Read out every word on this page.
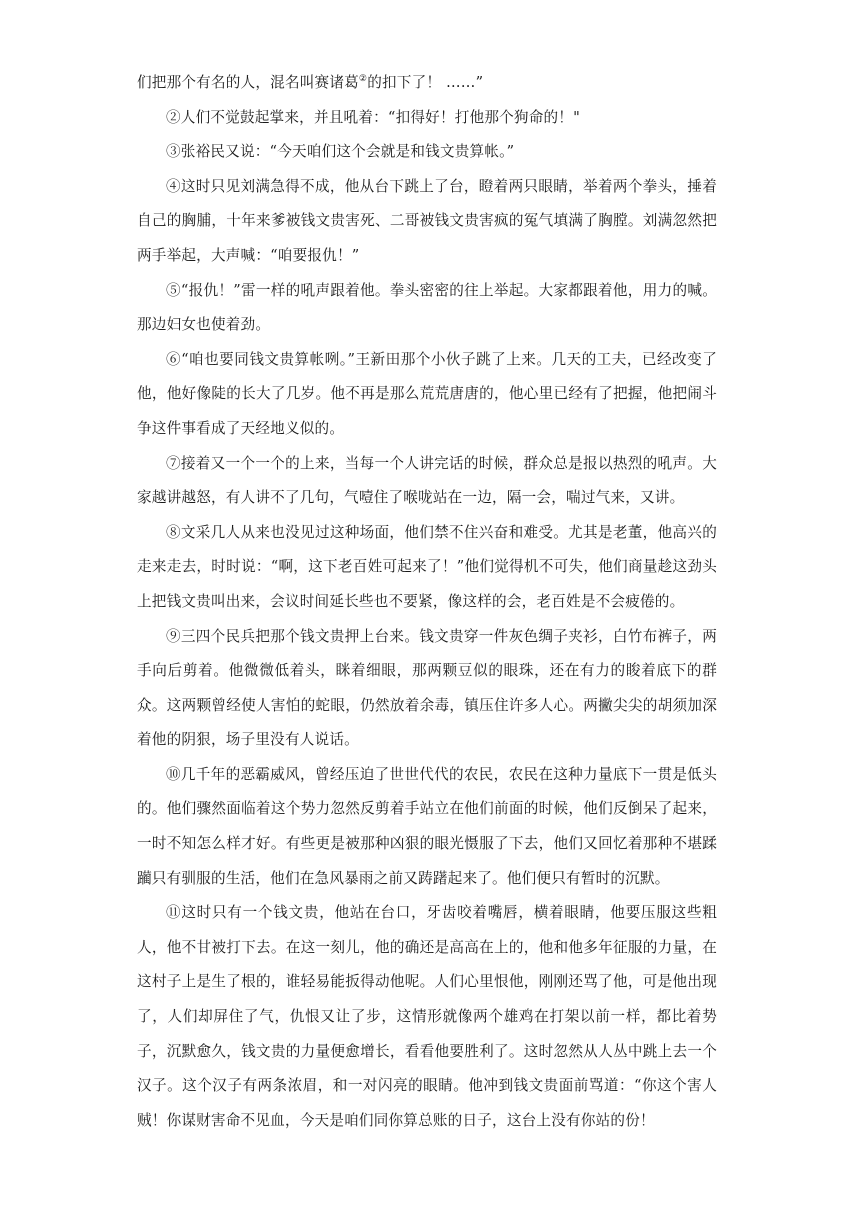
们把那个有名的人，混名叫赛诸葛②的扣下了！ ……”

②人们不觉鼓起掌来，并且吼着：“扣得好！打他那个狗命的！"

③张裕民又说：“今天咱们这个会就是和钱文贵算帐。”

④这时只见刘满急得不成，他从台下跳上了台，瞪着两只眼睛，举着两个拳头，捶着自己的胸脯，十年来爹被钱文贵害死、二哥被钱文贵害疯的冤气填满了胸膛。刘满忽然把两手举起，大声喊：“咱要报仇！”

⑤“报仇！”雷一样的吼声跟着他。拳头密密的往上举起。大家都跟着他，用力的喊。那边妇女也使着劲。

⑥“咱也要同钱文贵算帐咧。”王新田那个小伙子跳了上来。几天的工夫，已经改变了他，他好像陡的长大了几岁。他不再是那么荒荒唐唐的，他心里已经有了把握，他把闹斗争这件事看成了天经地义似的。

⑦接着又一个一个的上来，当每一个人讲完话的时候，群众总是报以热烈的吼声。大家越讲越怒，有人讲不了几句，气噎住了喉咙站在一边，隔一会，喘过气来，又讲。

⑧文采几人从来也没见过这种场面，他们禁不住兴奋和难受。尤其是老董，他高兴的走来走去，时时说：“啊，这下老百姓可起来了！”他们觉得机不可失，他们商量趁这劲头上把钱文贵叫出来，会议时间延长些也不要紧，像这样的会，老百姓是不会疲倦的。

⑨三四个民兵把那个钱文贵押上台来。钱文贵穿一件灰色绸子夹衫，白竹布裤子，两手向后剪着。他微微低着头，眯着细眼，那两颗豆似的眼珠，还在有力的睃着底下的群众。这两颗曾经使人害怕的蛇眼，仍然放着余毒，镇压住许多人心。两撇尖尖的胡须加深着他的阴狠，场子里没有人说话。

⑩几千年的恶霸威风，曾经压迫了世世代代的农民，农民在这种力量底下一贯是低头的。他们骤然面临着这个势力忽然反剪着手站立在他们前面的时候，他们反倒呆了起来，一时不知怎么样才好。有些更是被那种凶狠的眼光慑服了下去，他们又回忆着那种不堪蹂躏只有驯服的生活，他们在急风暴雨之前又踌躇起来了。他们便只有暂时的沉默。

⑪这时只有一个钱文贵，他站在台口，牙齿咬着嘴唇，横着眼睛，他要压服这些粗人，他不甘被打下去。在这一刻儿，他的确还是高高在上的，他和他多年征服的力量，在这村子上是生了根的，谁轻易能扳得动他呢。人们心里恨他，刚刚还骂了他，可是他出现了，人们却屏住了气，仇恨又让了步，这情形就像两个雄鸡在打架以前一样，都比着势子，沉默愈久，钱文贵的力量便愈增长，看看他要胜利了。这时忽然从人丛中跳上去一个汉子。这个汉子有两条浓眉，和一对闪亮的眼睛。他冲到钱文贵面前骂道：“你这个害人贼！你谋财害命不见血，今天是咱们同你算总账的日子，这台上没有你站的份！
